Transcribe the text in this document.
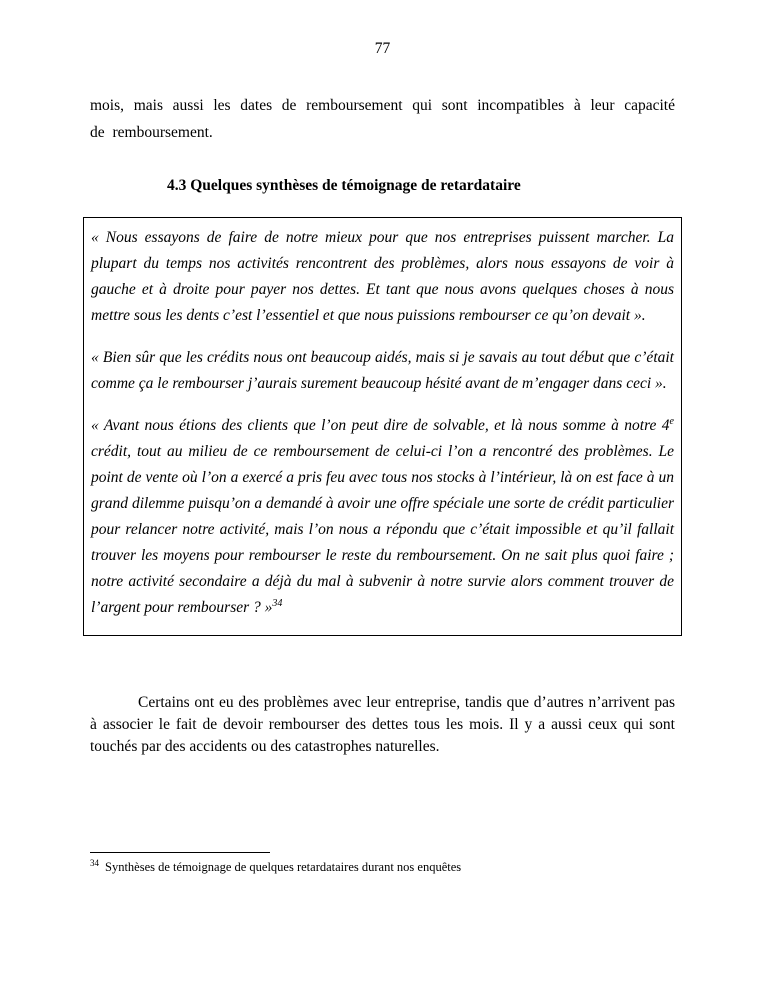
77

mois, mais aussi les dates de remboursement qui sont incompatibles à leur capacité de remboursement.

4.3 Quelques synthèses de témoignage de retardataire

« Nous essayons de faire de notre mieux pour que nos entreprises puissent marcher. La plupart du temps nos activités rencontrent des problèmes, alors nous essayons de voir à gauche et à droite pour payer nos dettes. Et tant que nous avons quelques choses à nous mettre sous les dents c’est l’essentiel et que nous puissions rembourser ce qu’on devait ».

« Bien sûr que les crédits nous ont beaucoup aidés, mais si je savais au tout début que c’était comme ça le rembourser j’aurais surement beaucoup hésité avant de m’engager dans ceci ».

« Avant nous étions des clients que l’on peut dire de solvable, et là nous somme à notre 4e crédit, tout au milieu de ce remboursement de celui-ci l’on a rencontré des problèmes. Le point de vente où l’on a exercé a pris feu avec tous nos stocks à l’intérieur, là on est face à un grand dilemme puisqu’on a demandé à avoir une offre spéciale une sorte de crédit particulier pour relancer notre activité, mais l’on nous a répondu que c’était impossible et qu’il fallait trouver les moyens pour rembourser le reste du remboursement. On ne sait plus quoi faire ; notre activité secondaire a déjà du mal à subvenir à notre survie alors comment trouver de l’argent pour rembourser ? »$^{34}$

Certains ont eu des problèmes avec leur entreprise, tandis que d’autres n’arrivent pas à associer le fait de devoir rembourser des dettes tous les mois. Il y a aussi ceux qui sont touchés par des accidents ou des catastrophes naturelles.

$^{34}$ Synthèses de témoignage de quelques retardataires durant nos enquêtes
